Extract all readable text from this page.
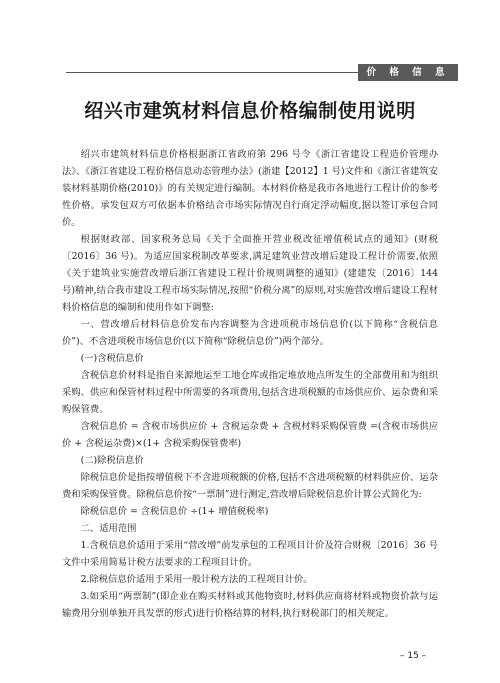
价 格 信 息
绍兴市建筑材料信息价格编制使用说明

绍兴市建筑材料信息价格根据浙江省政府第 296 号令《浙江省建设工程造价管理办法》、《浙江省建设工程价格信息动态管理办法》(浙建【2012】1 号)文件和《浙江省建筑安装材料基期价格(2010)》的有关规定进行编制。本材料价格是我市各地进行工程计价的参考性价格。承发包双方可依据本价格结合市场实际情况自行商定浮动幅度,据以签订承包合同价。

根据财政部、国家税务总局《关于全面推开营业税改征增值税试点的通知》(财税〔2016〕36 号)。为适应国家税制改革要求,满足建筑业营改增后建设工程计价需要,依照《关于建筑业实施营改增后浙江省建设工程计价规则调整的通知》(建建发〔2016〕144 号)精神,结合我市建设工程市场实际情况,按照“价税分离”的原则,对实施营改增后建设工程材料价格信息的编制和使用作如下调整:

一、营改增后材料信息价发布内容调整为含进项税市场信息价(以下简称“含税信息价”)、不含进项税市场信息价(以下简称“除税信息价”)两个部分。

(一)含税信息价

含税信息价材料是指自来源地运至工地仓库或指定堆放地点所发生的全部费用和为组织采购、供应和保管材料过程中所需要的各项费用,包括含进项税额的市场供应价、运杂费和采购保管费。

含税信息价 = 含税市场供应价 + 含税运杂费 + 含税材料采购保管费 =(含税市场供应价 + 含税运杂费)×(1+ 含税采购保管费率)

(二)除税信息价

除税信息价是指按增值税下不含进项税额的价格,包括不含进项税额的材料供应价、运杂费和采购保管费。除税信息价按“一票制”进行测定,营改增后除税信息价计算公式简化为:

除税信息价 = 含税信息价 ÷(1+ 增值税税率)

二、适用范围

1.含税信息价适用于采用“营改增”前发承包的工程项目计价及符合财税〔2016〕36 号文件中采用简易计税方法要求的工程项目计价。

2.除税信息价适用于采用一般计税方法的工程项目计价。

3.如采用“两票制”(即企业在购买材料或其他物资时,材料供应商将材料或物资价款与运输费用分别单独开具发票的形式)进行价格结算的材料,执行财税部门的相关规定。

– 15 –
